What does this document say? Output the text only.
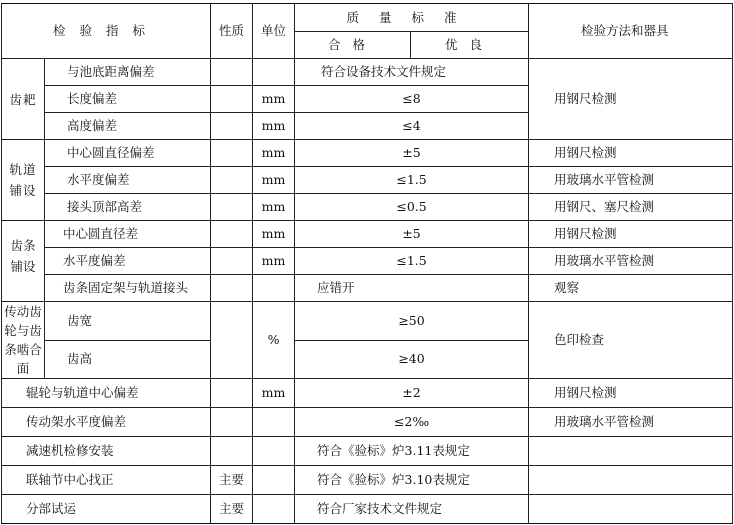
检验指标		性质	单位	质量标准		检验方法和器具
				合格	优良	
齿耙	与池底距离偏差			符合设备技术文件规定		用钢尺检测
	长度偏差		mm	≤8		
	高度偏差		mm	≤4		
轨道铺设	中心圆直径偏差		mm	±5		用钢尺检测
	水平度偏差		mm	≤1.5		用玻璃水平管检测
	接头顶部高差		mm	≤0.5		用钢尺、塞尺检测
齿条铺设	中心圆直径差		mm	±5		用钢尺检测
	水平度偏差		mm	≤1.5		用玻璃水平管检测
	齿条固定架与轨道接头			应错开		观察
传动齿轮与齿条啮合面	齿宽		%	≥50		色印检查
	齿高			≥40		
辊轮与轨道中心偏差			mm	±2		用钢尺检测
传动架水平度偏差				≤2‰		用玻璃水平管检测
减速机检修安装				符合《验标》炉3.11表规定		
联轴节中心找正		主要		符合《验标》炉3.10表规定		
分部试运		主要		符合厂家技术文件规定		
